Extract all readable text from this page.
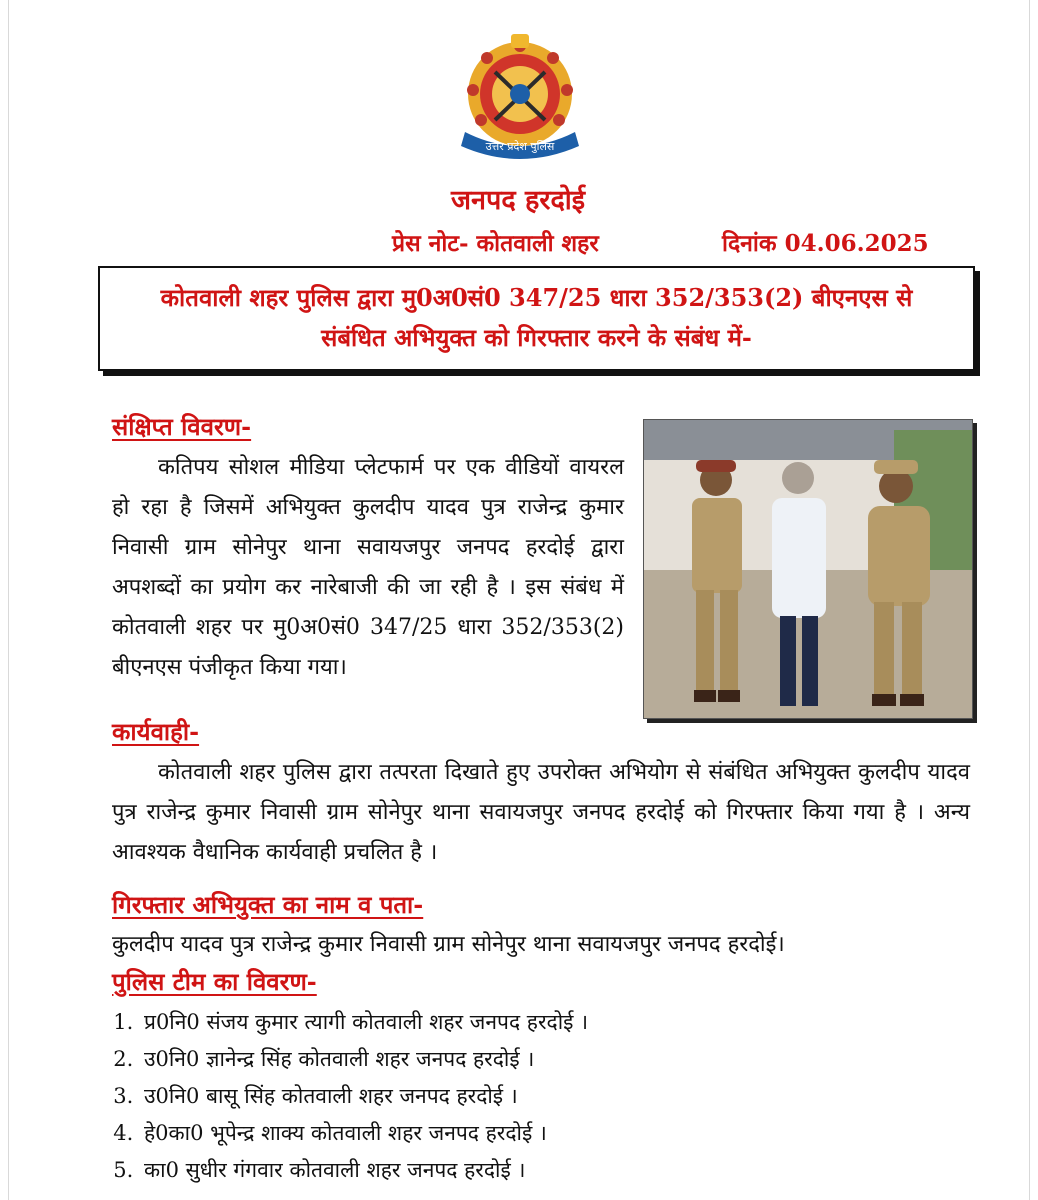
उत्तर प्रदेश पुलिस
जनपद हरदोई
प्रेस नोट- कोतवाली शहर	दिनांक 04.06.2025
कोतवाली शहर पुलिस द्वारा मु0अ0सं0 347/25 धारा 352/353(2) बीएनएस से
संबंधित अभियुक्त को गिरफ्तार करने के संबंध में-
संक्षिप्त विवरण-
कतिपय सोशल मीडिया प्लेटफार्म पर एक वीडियों वायरल हो रहा है जिसमें अभियुक्त कुलदीप यादव पुत्र राजेन्द्र कुमार निवासी ग्राम सोनेपुर थाना सवायजपुर जनपद हरदोई द्वारा अपशब्दों का प्रयोग कर नारेबाजी की जा रही है । इस संबंध में कोतवाली शहर पर मु0अ0सं0 347/25 धारा 352/353(2) बीएनएस पंजीकृत किया गया।
कार्यवाही-
कोतवाली शहर पुलिस द्वारा तत्परता दिखाते हुए उपरोक्त अभियोग से संबंधित अभियुक्त कुलदीप यादव पुत्र राजेन्द्र कुमार निवासी ग्राम सोनेपुर थाना सवायजपुर जनपद हरदोई को गिरफ्तार किया गया है । अन्य आवश्यक वैधानिक कार्यवाही प्रचलित है ।
गिरफ्तार अभियुक्त का नाम व पता-
कुलदीप यादव पुत्र राजेन्द्र कुमार निवासी ग्राम सोनेपुर थाना सवायजपुर जनपद हरदोई।
पुलिस टीम का विवरण-
1. प्र0नि0 संजय कुमार त्यागी कोतवाली शहर जनपद हरदोई ।
2. उ0नि0 ज्ञानेन्द्र सिंह कोतवाली शहर जनपद हरदोई ।
3. उ0नि0 बासू सिंह कोतवाली शहर जनपद हरदोई ।
4. हे0का0 भूपेन्द्र शाक्य कोतवाली शहर जनपद हरदोई ।
5. का0 सुधीर गंगवार कोतवाली शहर जनपद हरदोई ।
